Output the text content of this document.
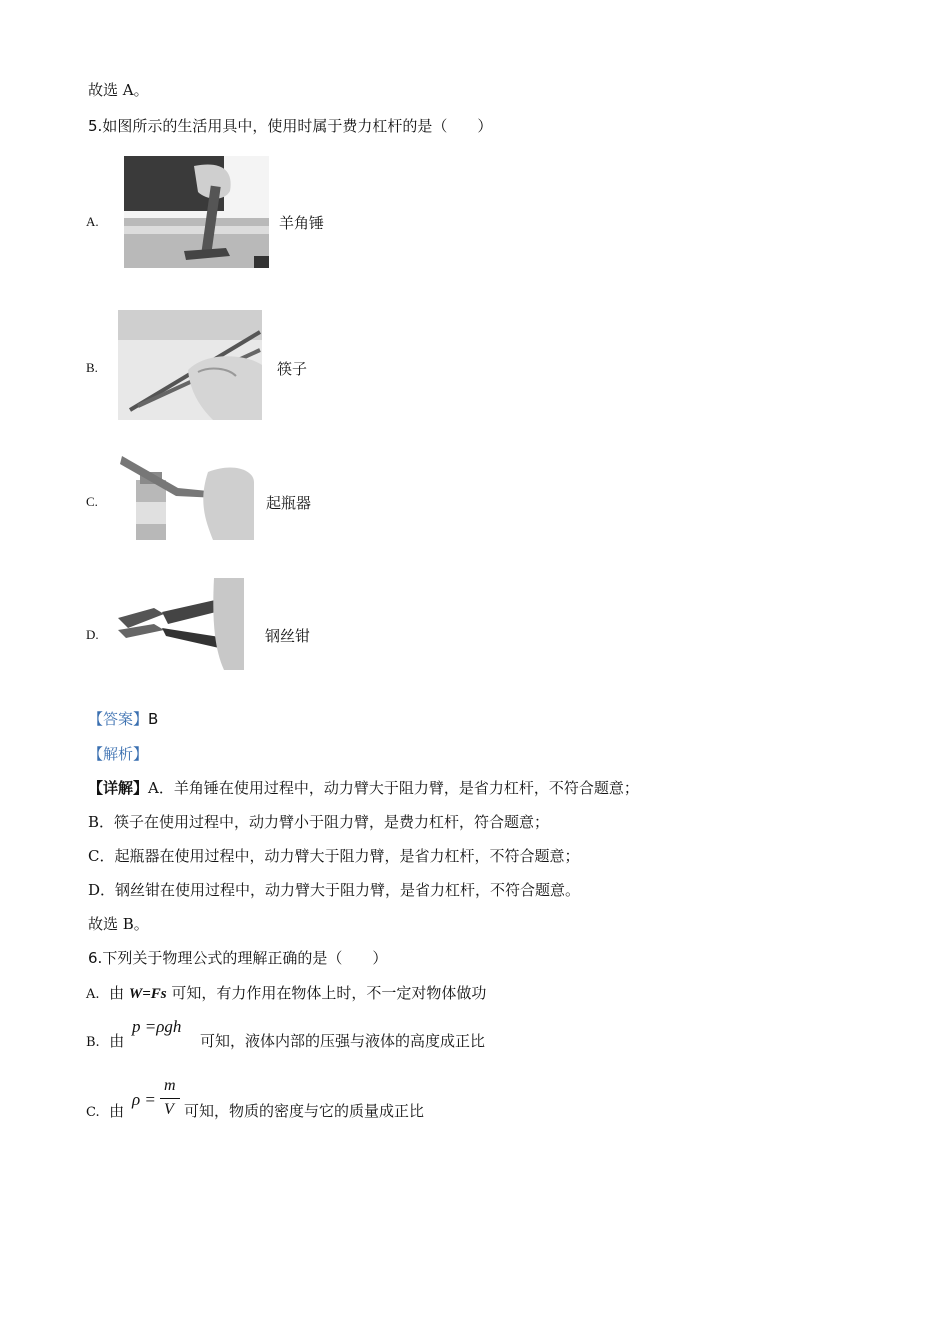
故选 A。
5.如图所示的生活用具中，使用时属于费力杠杆的是（　　）
A.	羊角锤
B.	筷子
C.	起瓶器
D.	钢丝钳
【答案】B
【解析】
【详解】A．羊角锤在使用过程中，动力臂大于阻力臂，是省力杠杆，不符合题意；
B．筷子在使用过程中，动力臂小于阻力臂，是费力杠杆，符合题意；
C．起瓶器在使用过程中，动力臂大于阻力臂，是省力杠杆，不符合题意；
D．钢丝钳在使用过程中，动力臂大于阻力臂，是省力杠杆，不符合题意。
故选 B。
6.下列关于物理公式的理解正确的是（　　）
A. 由 W=Fs 可知，有力作用在物体上时，不一定对物体做功
B. 由
p =ρgh
可知，液体内部的压强与液体的高度成正比
C. 由
ρ =
m
V 可知，物质的密度与它的质量成正比
